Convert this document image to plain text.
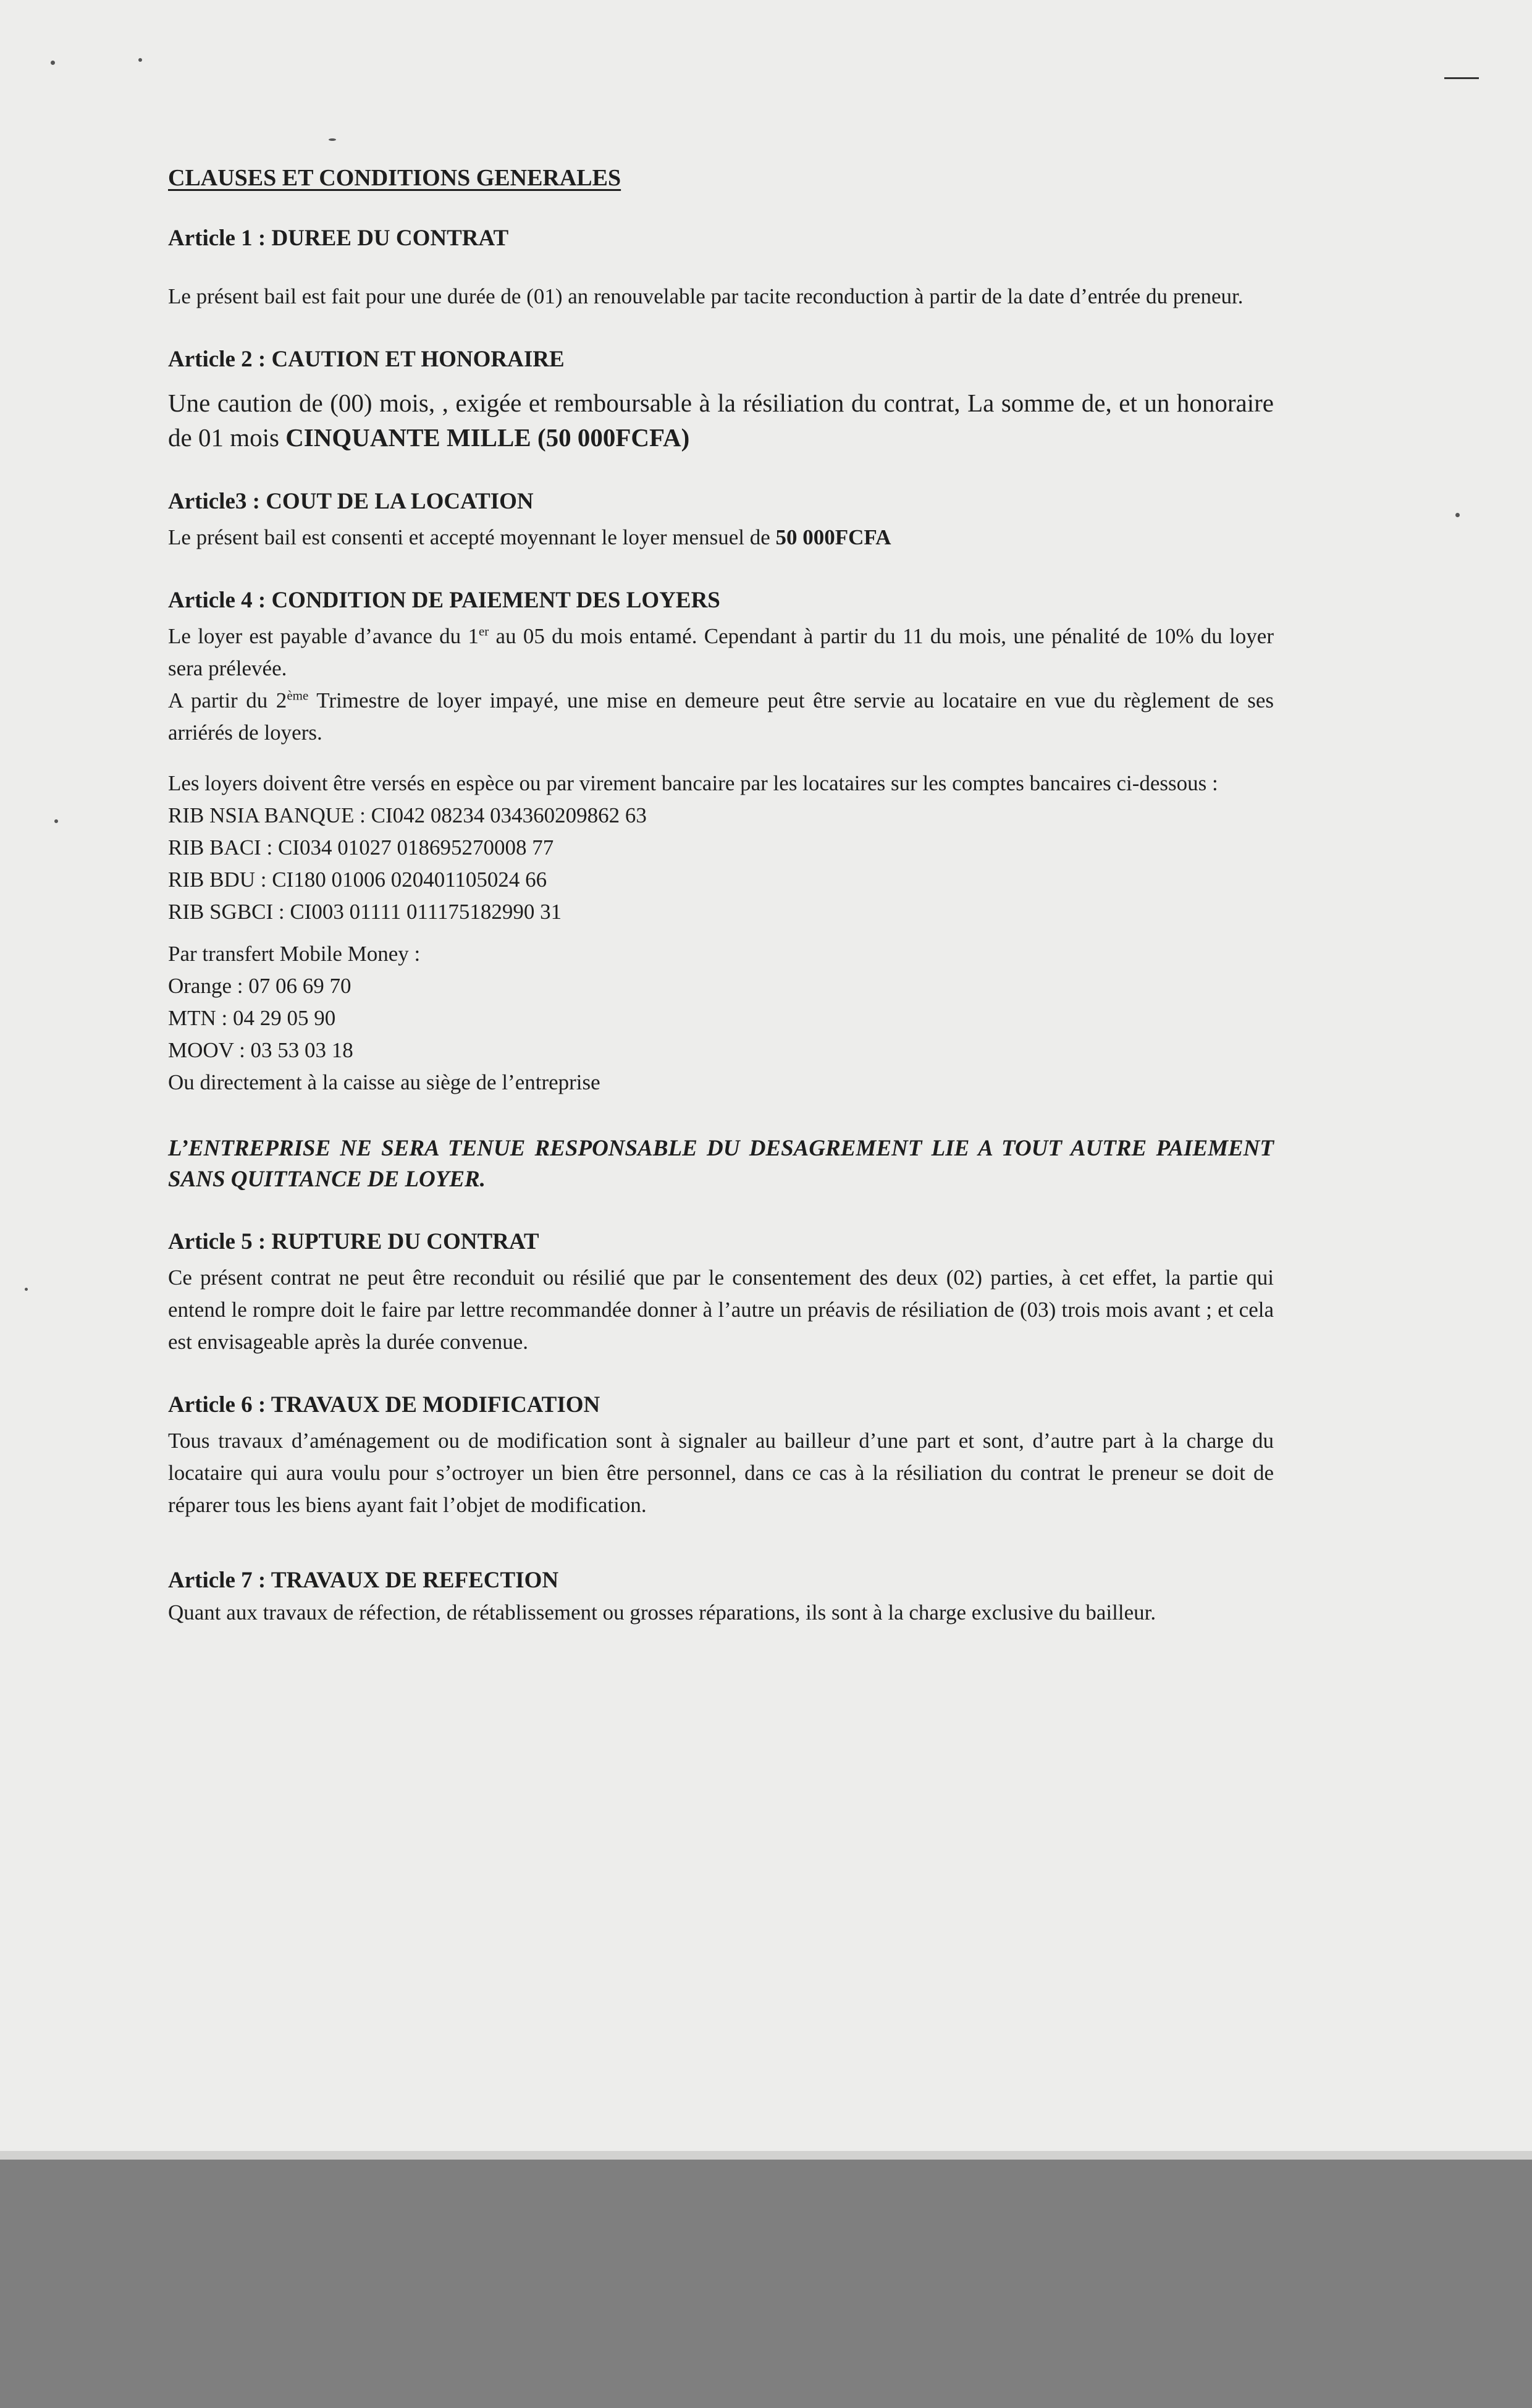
CLAUSES ET CONDITIONS GENERALES

Article 1 : DUREE DU CONTRAT

Le présent bail est fait pour une durée de (01) an renouvelable par tacite reconduction à partir de la date d’entrée du preneur.

Article 2 : CAUTION ET HONORAIRE

Une caution de (00) mois, , exigée et remboursable à la résiliation du contrat, La somme de, et un honoraire de 01 mois CINQUANTE MILLE (50 000FCFA)

Article3 : COUT DE LA LOCATION

Le présent bail est consenti et accepté moyennant le loyer mensuel de 50 000FCFA

Article 4 : CONDITION DE PAIEMENT DES LOYERS

Le loyer est payable d’avance du 1er au 05 du mois entamé. Cependant à partir du 11 du mois, une pénalité de 10% du loyer sera prélevée.

A partir du 2ème Trimestre de loyer impayé, une mise en demeure peut être servie au locataire en vue du règlement de ses arriérés de loyers.

Les loyers doivent être versés en espèce ou par virement bancaire par les locataires sur les comptes bancaires ci-dessous :

RIB NSIA BANQUE : CI042 08234 034360209862 63

RIB BACI : CI034 01027 018695270008 77

RIB BDU : CI180 01006 020401105024 66

RIB SGBCI : CI003 01111 011175182990 31

Par transfert Mobile Money :

Orange : 07 06 69 70

MTN : 04 29 05 90

MOOV : 03 53 03 18

Ou directement à la caisse au siège de l’entreprise

L’ENTREPRISE NE SERA TENUE RESPONSABLE DU DESAGREMENT LIE A TOUT AUTRE PAIEMENT SANS QUITTANCE DE LOYER.

Article 5 : RUPTURE DU CONTRAT

Ce présent contrat ne peut être reconduit ou résilié que par le consentement des deux (02) parties, à cet effet, la partie qui entend le rompre doit le faire par lettre recommandée donner à l’autre un préavis de résiliation de (03) trois mois avant ; et cela est envisageable après la durée convenue.

Article 6 : TRAVAUX DE MODIFICATION

Tous travaux d’aménagement ou de modification sont à signaler au bailleur d’une part et sont, d’autre part à la charge du locataire qui aura voulu pour s’octroyer un bien être personnel, dans ce cas à la résiliation du contrat le preneur se doit de réparer tous les biens ayant fait l’objet de modification.

Article 7 : TRAVAUX DE REFECTION

Quant aux travaux de réfection, de rétablissement ou grosses réparations, ils sont à la charge exclusive du bailleur.
